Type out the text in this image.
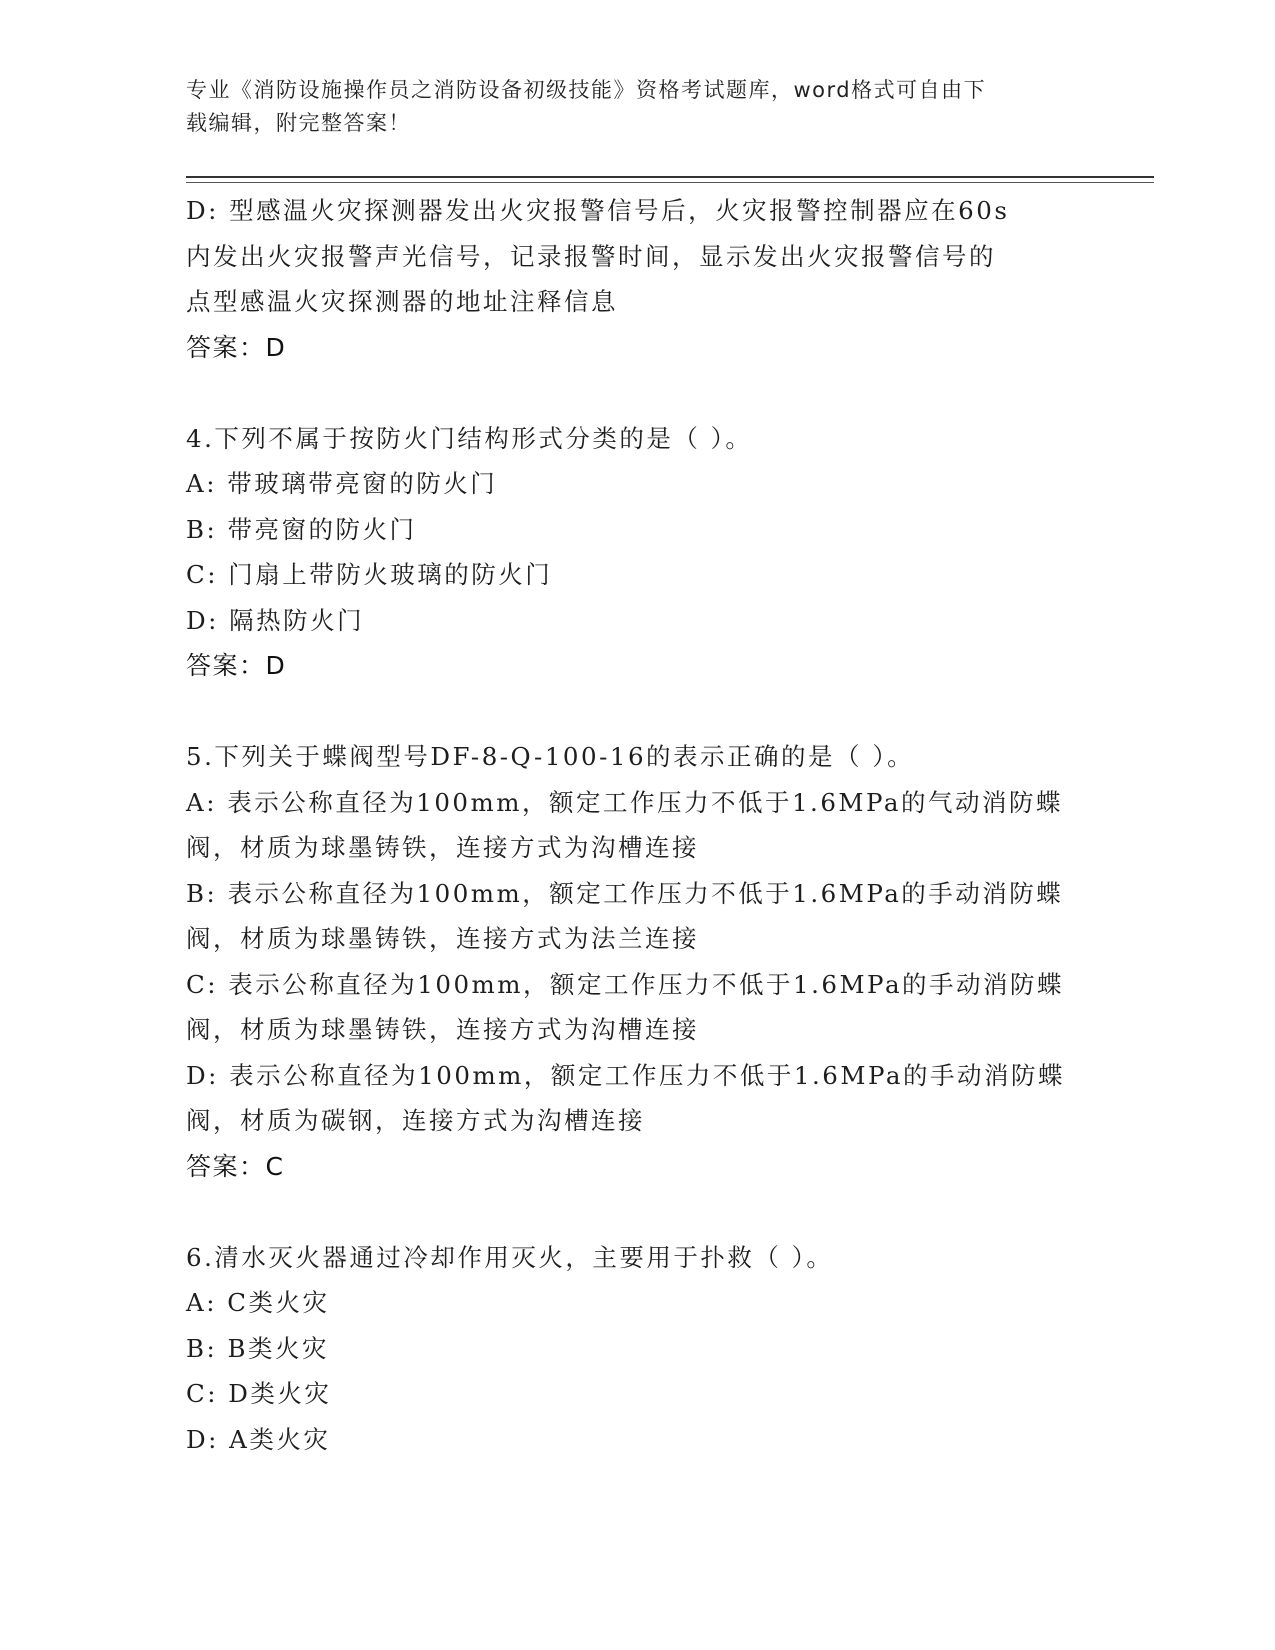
专业《消防设施操作员之消防设备初级技能》资格考试题库，word格式可自由下
载编辑，附完整答案！
D: 型感温火灾探测器发出火灾报警信号后，火灾报警控制器应在60s
内发出火灾报警声光信号，记录报警时间，显示发出火灾报警信号的
点型感温火灾探测器的地址注释信息
答案：D
4.下列不属于按防火门结构形式分类的是（ ）。
A: 带玻璃带亮窗的防火门
B: 带亮窗的防火门
C: 门扇上带防火玻璃的防火门
D: 隔热防火门
答案：D
5.下列关于蝶阀型号DF-8-Q-100-16的表示正确的是（ ）。
A: 表示公称直径为100mm，额定工作压力不低于1.6MPa的气动消防蝶
阀，材质为球墨铸铁，连接方式为沟槽连接
B: 表示公称直径为100mm，额定工作压力不低于1.6MPa的手动消防蝶
阀，材质为球墨铸铁，连接方式为法兰连接
C: 表示公称直径为100mm，额定工作压力不低于1.6MPa的手动消防蝶
阀，材质为球墨铸铁，连接方式为沟槽连接
D: 表示公称直径为100mm，额定工作压力不低于1.6MPa的手动消防蝶
阀，材质为碳钢，连接方式为沟槽连接
答案：C
6.清水灭火器通过冷却作用灭火，主要用于扑救（ ）。
A: C类火灾
B: B类火灾
C: D类火灾
D: A类火灾
